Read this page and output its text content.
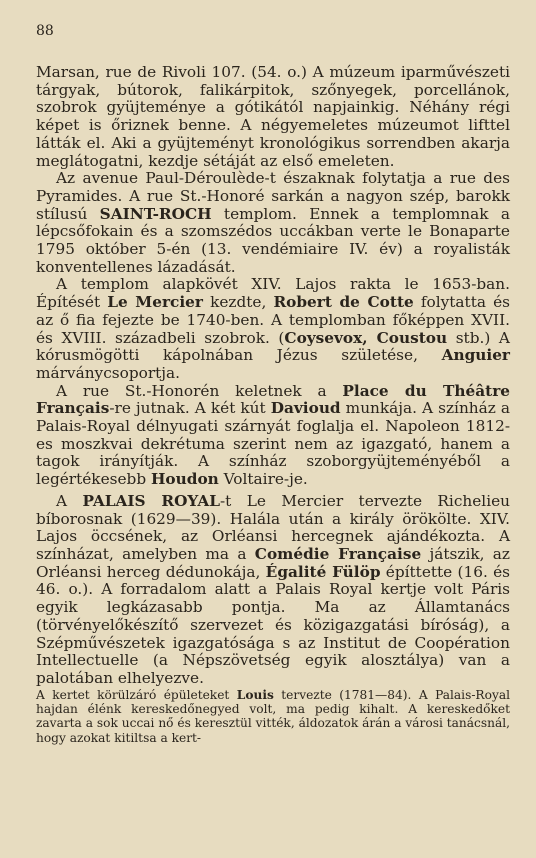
88

Marsan, rue de Rivoli 107. (54. o.) A múzeum iparművészeti tárgyak, bútorok, falikárpitok, szőnyegek, porcellánok, szobrok gyüjteménye a gótikától napjainkig. Néhány régi képet is őriznek benne. A négyemeletes múzeumot lifttel látták el. Aki a gyüjteményt kronológikus sorrendben akarja meglátogatni, kezdje sétáját az első emeleten.

Az avenue Paul-Déroulède-t északnak folytatja a rue des Pyramides. A rue St.-Honoré sarkán a nagyon szép, barokk stílusú SAINT-ROCH templom. Ennek a templomnak a lépcsőfokain és a szomszédos uccákban verte le Bonaparte 1795 október 5-én (13. vendémiaire IV. év) a royalisták konventellenes lázadását.

A templom alapkövét XIV. Lajos rakta le 1653-ban. Építését Le Mercier kezdte, Robert de Cotte folytatta és az ő fia fejezte be 1740-ben. A templomban főképpen XVII. és XVIII. századbeli szobrok. (Coysevox, Coustou stb.) A kórusmögötti kápolnában Jézus születése, Anguier márványcsoportja.

A rue St.-Honorén keletnek a Place du Théâtre Français-re jutnak. A két kút Davioud munkája. A színház a Palais-Royal délnyugati szárnyát foglalja el. Napoleon 1812-es moszkvai dekrétuma szerint nem az igazgató, hanem a tagok irányítják. A színház szoborgyüjteményéből a legértékesebb Houdon Voltaire-je.

A PALAIS ROYAL-t Le Mercier tervezte Richelieu bíborosnak (1629—39). Halála után a király örökölte. XIV. Lajos öccsének, az Orléansi hercegnek ajándékozta. A színházat, amelyben ma a Comédie Française játszik, az Orléansi herceg dédunokája, Égalité Fülöp építtette (16. és 46. o.). A forradalom alatt a Palais Royal kertje volt Páris egyik legkázasabb pontja. Ma az Államtanács (törvényelőkészítő szervezet és közigazgatási bíróság), a Szépművészetek igazgatósága s az Institut de Coopération Intellectuelle (a Népszövetség egyik alosztálya) van a palotában elhelyezve.

A kertet körülzáró épületeket Louis tervezte (1781—84). A Palais-Royal hajdan élénk kereskedőnegyed volt, ma pedig kihalt. A kereskedőket zavarta a sok uccai nő és keresztül vitték, áldozatok árán a városi tanácsnál, hogy azokat kitiltsa a kert-
